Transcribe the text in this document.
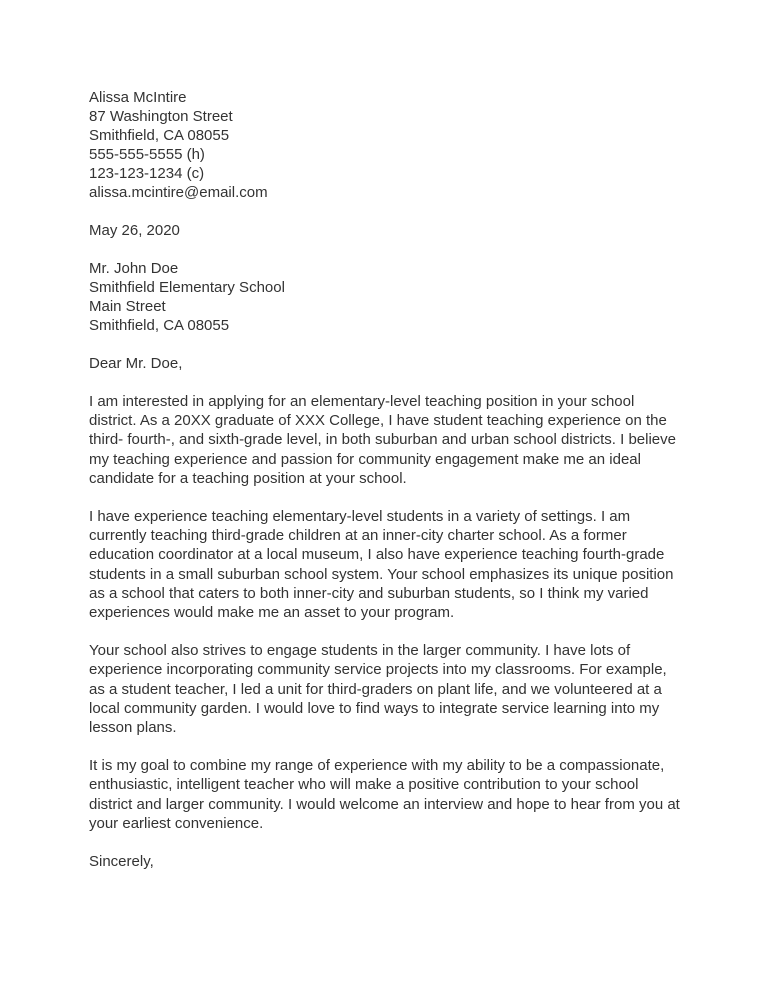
Alissa McIntire
87 Washington Street
Smithfield, CA 08055
555-555-5555 (h)
123-123-1234 (c)
alissa.mcintire@email.com
May 26, 2020
Mr. John Doe
Smithfield Elementary School
Main Street
Smithfield, CA 08055
Dear Mr. Doe,

I am interested in applying for an elementary-level teaching position in your school district. As a 20XX graduate of XXX College, I have student teaching experience on the third- fourth-, and sixth-grade level, in both suburban and urban school districts. I believe my teaching experience and passion for community engagement make me an ideal candidate for a teaching position at your school.

I have experience teaching elementary-level students in a variety of settings. I am currently teaching third-grade children at an inner-city charter school. As a former education coordinator at a local museum, I also have experience teaching fourth-grade students in a small suburban school system. Your school emphasizes its unique position as a school that caters to both inner-city and suburban students, so I think my varied experiences would make me an asset to your program.

Your school also strives to engage students in the larger community. I have lots of experience incorporating community service projects into my classrooms. For example, as a student teacher, I led a unit for third-graders on plant life, and we volunteered at a local community garden. I would love to find ways to integrate service learning into my lesson plans.

It is my goal to combine my range of experience with my ability to be a compassionate, enthusiastic, intelligent teacher who will make a positive contribution to your school district and larger community. I would welcome an interview and hope to hear from you at your earliest convenience.

Sincerely,
